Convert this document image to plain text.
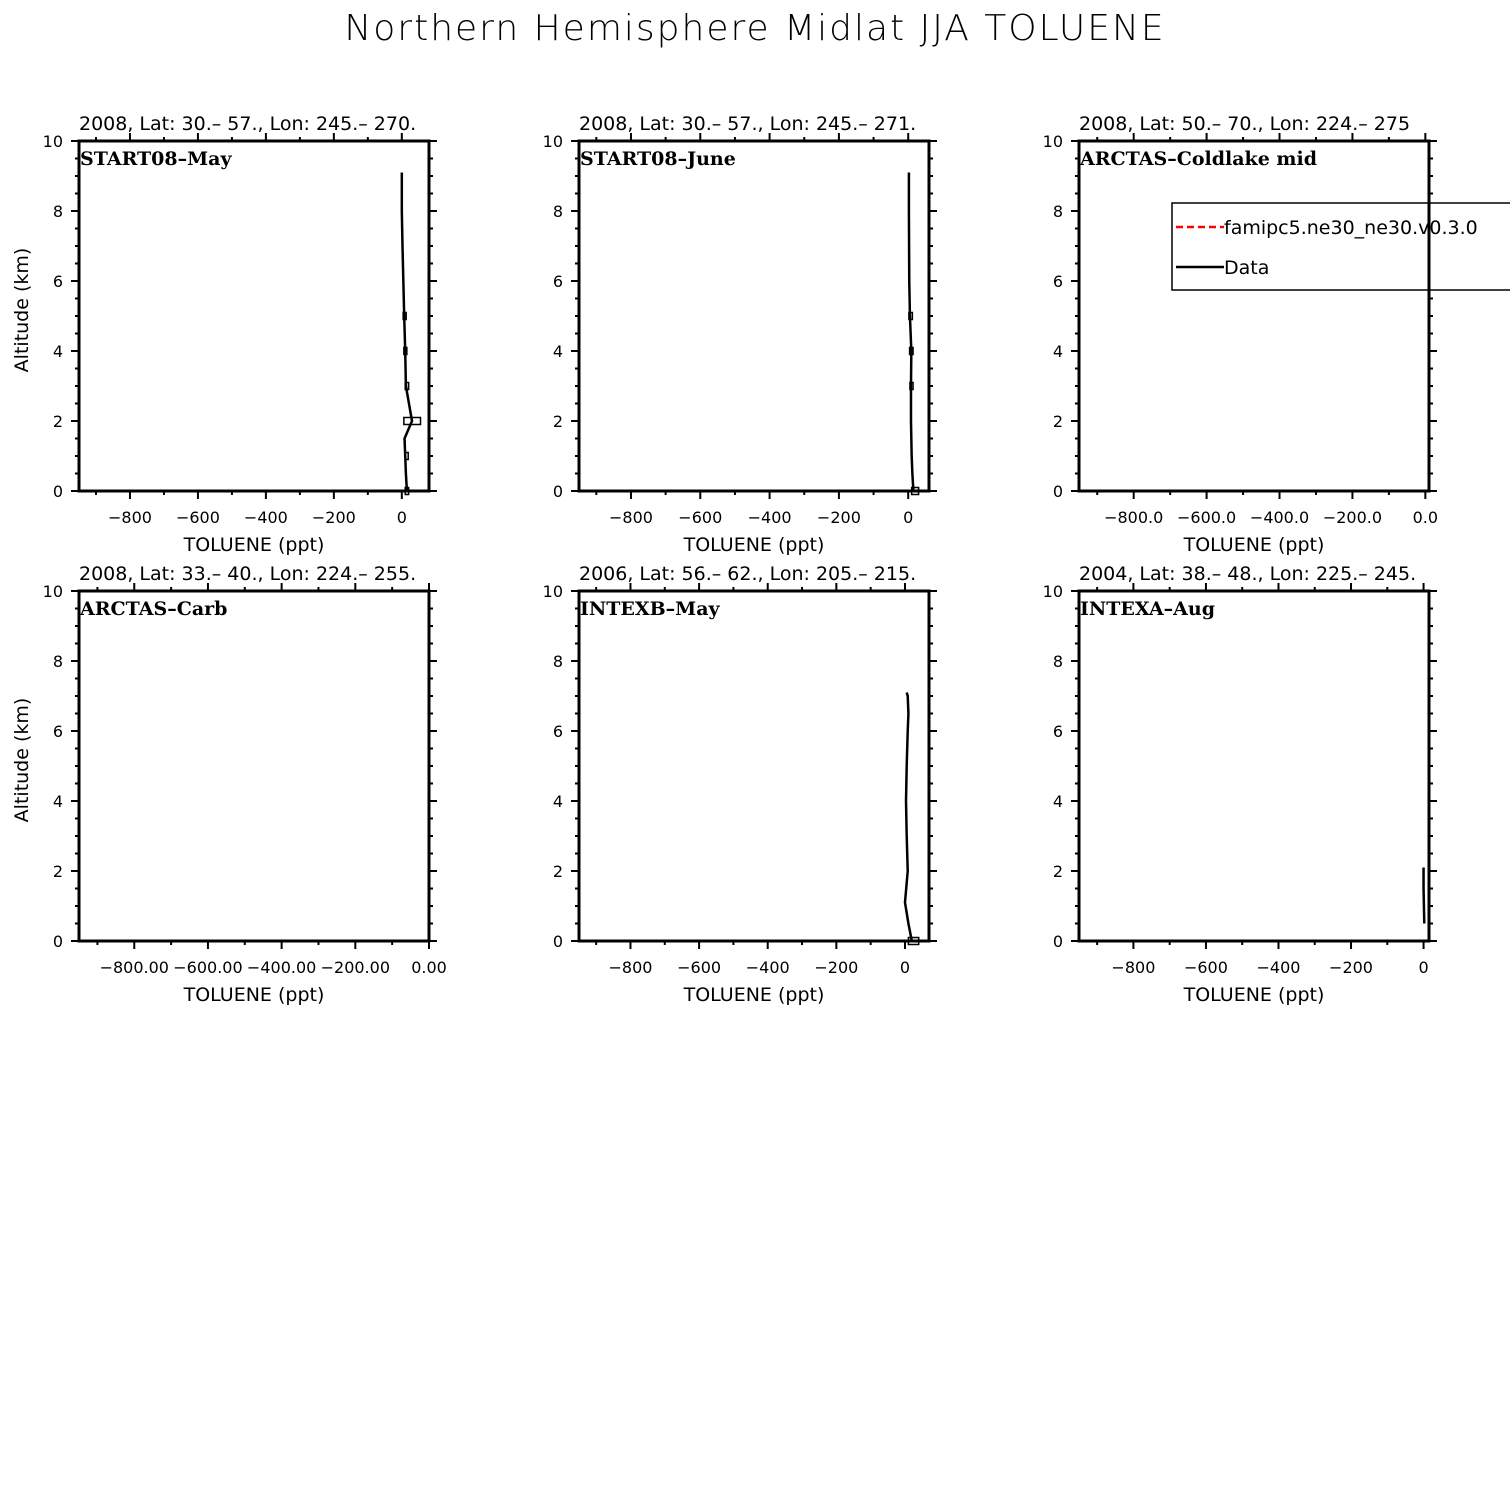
Northern Hemisphere Midlat JJA TOLUENE
0
2
4
6
8
10
−800 −600 −400 −200	0
2008, Lat: 30.– 57., Lon: 245.– 270.
START08–May
TOLUENE (ppt)
Altitude (km)
0
2
4
6
8
10
−800 −600 −400 −200	0
2008, Lat: 30.– 57., Lon: 245.– 271.
START08–June
TOLUENE (ppt)
0
2
4
6
8
10
−800.0 −600.0 −400.0 −200.0 0.0
2008, Lat: 50.– 70., Lon: 224.– 275
ARCTAS–Coldlake mid
TOLUENE (ppt)
0
2
4
6
8
10
−800.00 −600.00 −400.00 −200.00 0.00
2008, Lat: 33.– 40., Lon: 224.– 255.
ARCTAS–Carb
TOLUENE (ppt)
Altitude (km)
0
2
4
6
8
10
−800 −600 −400 −200	0
2006, Lat: 56.– 62., Lon: 205.– 215.
INTEXB–May
TOLUENE (ppt)
0
2
4
6
8
10
−800 −600 −400 −200	0
2004, Lat: 38.– 48., Lon: 225.– 245.
INTEXA–Aug
TOLUENE (ppt)
famipc5.ne30_ne30.v0.3.0
Data
